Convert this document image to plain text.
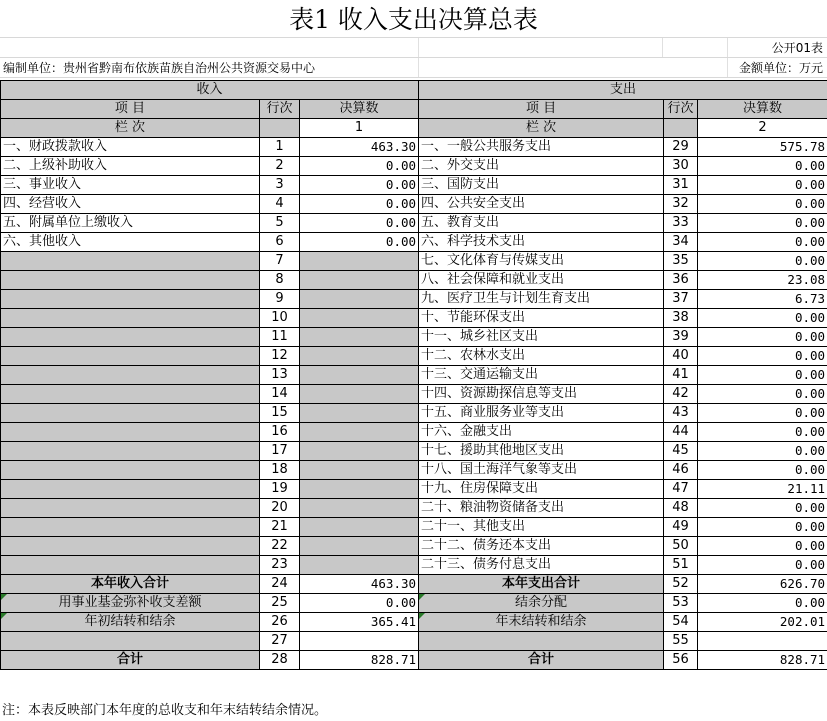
表1 收入支出决算总表
公开01表
编制单位：贵州省黔南布依族苗族自治州公共资源交易中心	金额单位：万元
收入			支出		
项 目	行次	决算数	项 目	行次	决算数
栏 次		1	栏 次		2
一、财政拨款收入	1	463.30	一、一般公共服务支出	29	575.78
二、上级补助收入	2	0.00	二、外交支出	30	0.00
三、事业收入	3	0.00	三、国防支出	31	0.00
四、经营收入	4	0.00	四、公共安全支出	32	0.00
五、附属单位上缴收入	5	0.00	五、教育支出	33	0.00
六、其他收入	6	0.00	六、科学技术支出	34	0.00
	7		七、文化体育与传媒支出	35	0.00
	8		八、社会保障和就业支出	36	23.08
	9		九、医疗卫生与计划生育支出	37	6.73
	10		十、节能环保支出	38	0.00
	11		十一、城乡社区支出	39	0.00
	12		十二、农林水支出	40	0.00
	13		十三、交通运输支出	41	0.00
	14		十四、资源勘探信息等支出	42	0.00
	15		十五、商业服务业等支出	43	0.00
	16		十六、金融支出	44	0.00
	17		十七、援助其他地区支出	45	0.00
	18		十八、国土海洋气象等支出	46	0.00
	19		十九、住房保障支出	47	21.11
	20		二十、粮油物资储备支出	48	0.00
	21		二十一、其他支出	49	0.00
	22		二十二、债务还本支出	50	0.00
	23		二十三、债务付息支出	51	0.00
本年收入合计	24	463.30	本年支出合计	52	626.70
用事业基金弥补收支差额	25	0.00	结余分配	53	0.00
年初结转和结余	26	365.41	年末结转和结余	54	202.01
	27			55	
合计	28	828.71	合计	56	828.71
注：本表反映部门本年度的总收支和年末结转结余情况。
